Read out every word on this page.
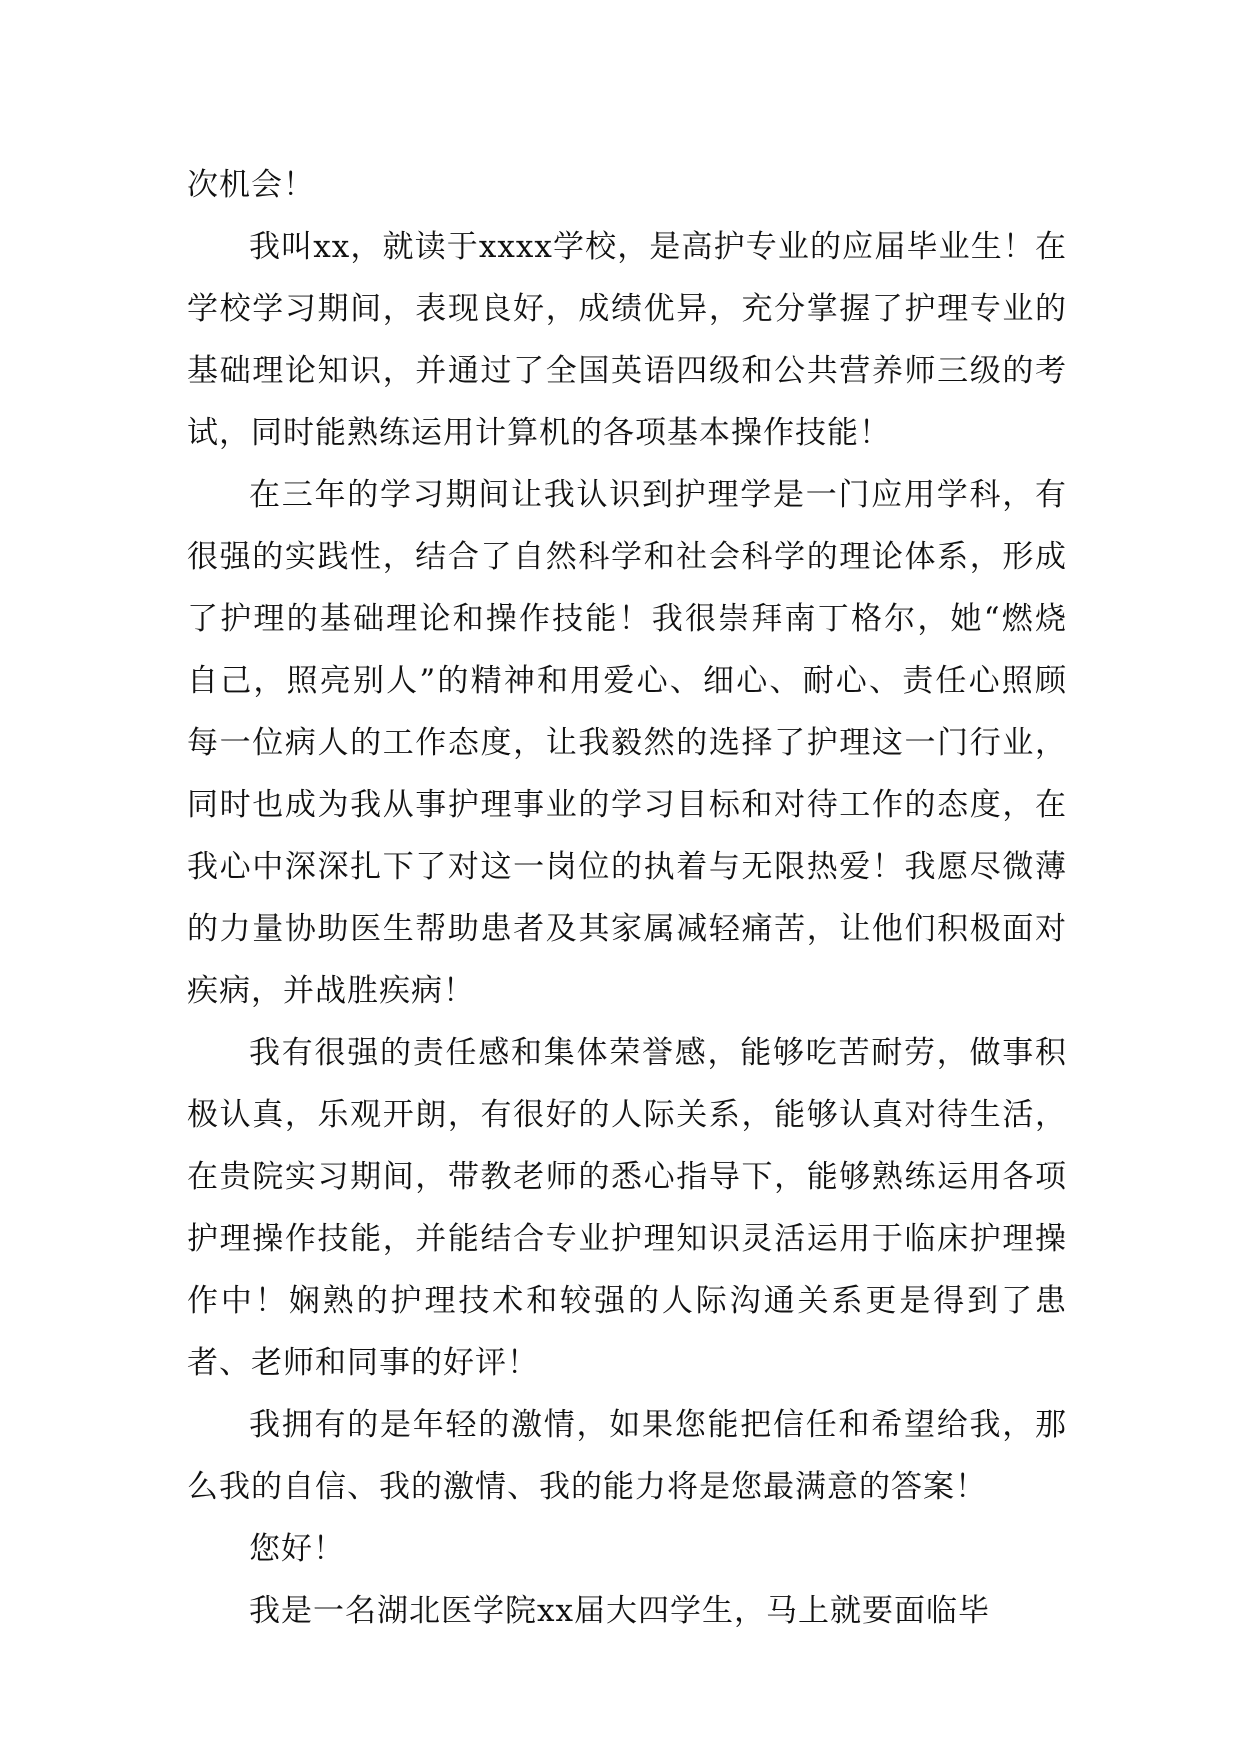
次机会！

我叫xx，就读于xxxx学校，是高护专业的应届毕业生！在学校学习期间，表现良好，成绩优异，充分掌握了护理专业的基础理论知识，并通过了全国英语四级和公共营养师三级的考试，同时能熟练运用计算机的各项基本操作技能！

在三年的学习期间让我认识到护理学是一门应用学科，有很强的实践性，结合了自然科学和社会科学的理论体系，形成了护理的基础理论和操作技能！我很崇拜南丁格尔，她“燃烧自己，照亮别人”的精神和用爱心、细心、耐心、责任心照顾每一位病人的工作态度，让我毅然的选择了护理这一门行业，同时也成为我从事护理事业的学习目标和对待工作的态度，在我心中深深扎下了对这一岗位的执着与无限热爱！我愿尽微薄的力量协助医生帮助患者及其家属减轻痛苦，让他们积极面对疾病，并战胜疾病！

我有很强的责任感和集体荣誉感，能够吃苦耐劳，做事积极认真，乐观开朗，有很好的人际关系，能够认真对待生活，在贵院实习期间，带教老师的悉心指导下，能够熟练运用各项护理操作技能，并能结合专业护理知识灵活运用于临床护理操作中！娴熟的护理技术和较强的人际沟通关系更是得到了患者、老师和同事的好评！

我拥有的是年轻的激情，如果您能把信任和希望给我，那么我的自信、我的激情、我的能力将是您最满意的答案！

您好！

我是一名湖北医学院xx届大四学生，马上就要面临毕
